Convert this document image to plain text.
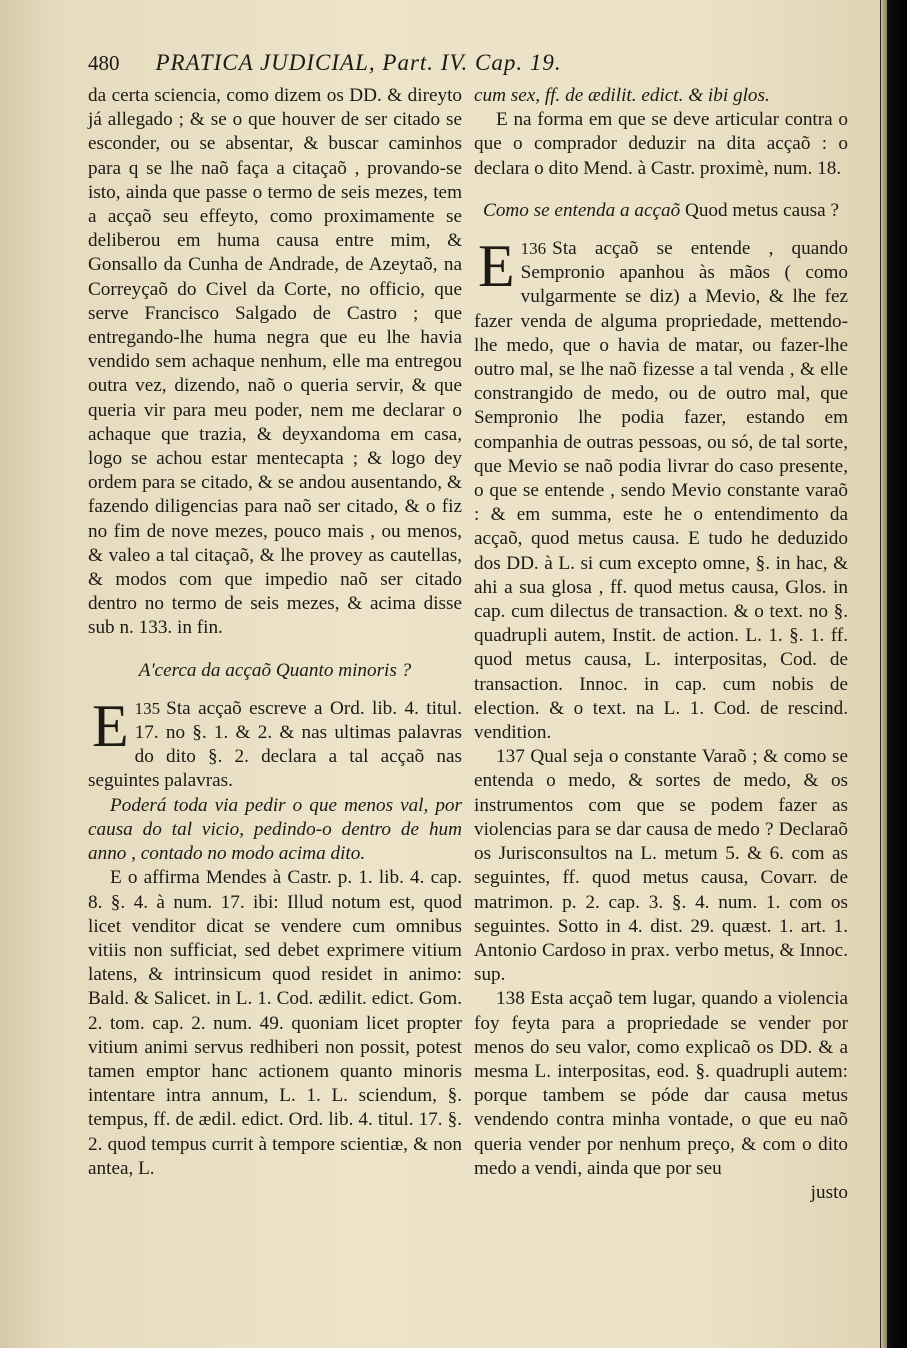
480 PRATICA JUDICIAL, Part. IV. Cap. 19.

da certa sciencia, como dizem os DD. & direyto já allegado ; & se o que houver de ser citado se esconder, ou se absentar, & buscar caminhos para q se lhe naõ faça a citaçaõ , provando-se isto, ainda que passe o termo de seis mezes, tem a acçaõ seu effeyto, como proximamente se deliberou em huma causa entre mim, & Gonsallo da Cunha de Andrade, de Azeytaõ, na Correyçaõ do Civel da Corte, no officio, que serve Francisco Salgado de Castro ; que entregando-lhe huma negra que eu lhe havia vendido sem achaque nenhum, elle ma entregou outra vez, dizendo, naõ o queria servir, & que queria vir para meu poder, nem me declarar o achaque que trazia, & deyxandoma em casa, logo se achou estar mentecapta ; & logo dey ordem para se citado, & se andou ausentando, & fazendo diligencias para naõ ser citado, & o fiz no fim de nove mezes, pouco mais , ou menos, & valeo a tal citaçaõ, & lhe provey as cautellas, & modos com que impedio naõ ser citado dentro no termo de seis mezes, & acima disse sub n. 133. in fin.

A'cerca da acçaõ Quanto minoris ?

135
E Sta acçaõ escreve a Ord. lib. 4. titul. 17. no §. 1. & 2. & nas ultimas palavras do dito §. 2. declara a tal acçaõ nas seguintes palavras.

Poderá toda via pedir o que menos val, por causa do tal vicio, pedindo-o dentro de hum anno , contado no modo acima dito.

E o affirma Mendes à Castr. p. 1. lib. 4. cap. 8. §. 4. à num. 17. ibi: Illud notum est, quod licet venditor dicat se vendere cum omnibus vitiis non sufficiat, sed debet exprimere vitium latens, & intrinsicum quod residet in animo: Bald. & Salicet. in L. 1. Cod. ædilit. edict. Gom. 2. tom. cap. 2. num. 49. quoniam licet propter vitium animi servus redhiberi non possit, potest tamen emptor hanc actionem quanto minoris intentare intra annum, L. 1. L. sciendum, §. tempus, ff. de ædil. edict. Ord. lib. 4. titul. 17. §. 2. quod tempus currit à tempore scientiæ, & non antea, L.

cum sex, ff. de ædilit. edict. & ibi glos.

E na forma em que se deve articular contra o que o comprador deduzir na dita acçaõ : o declara o dito Mend. à Castr. proximè, num. 18.

Como se entenda a acçaõ Quod metus causa ?

136
E Sta acçaõ se entende , quando Sempronio apanhou às mãos ( como vulgarmente se diz) a Mevio, & lhe fez fazer venda de alguma propriedade, mettendo-lhe medo, que o havia de matar, ou fazer-lhe outro mal, se lhe naõ fizesse a tal venda , & elle constrangido de medo, ou de outro mal, que Sempronio lhe podia fazer, estando em companhia de outras pessoas, ou só, de tal sorte, que Mevio se naõ podia livrar do caso presente, o que se entende , sendo Mevio constante varaõ : & em summa, este he o entendimento da acçaõ, quod metus causa. E tudo he deduzido dos DD. à L. si cum excepto omne, §. in hac, & ahi a sua glosa , ff. quod metus causa, Glos. in cap. cum dilectus de transaction. & o text. no §. quadrupli autem, Instit. de action. L. 1. §. 1. ff. quod metus causa, L. interpositas, Cod. de transaction. Innoc. in cap. cum nobis de election. & o text. na L. 1. Cod. de rescind. vendition.

137 Qual seja o constante Varaõ ; & como se entenda o medo, & sortes de medo, & os instrumentos com que se podem fazer as violencias para se dar causa de medo ? Declaraõ os Jurisconsultos na L. metum 5. & 6. com as seguintes, ff. quod metus causa, Covarr. de matrimon. p. 2. cap. 3. §. 4. num. 1. com os seguintes. Sotto in 4. dist. 29. quæst. 1. art. 1. Antonio Cardoso in prax. verbo metus, & Innoc. sup.

138 Esta acçaõ tem lugar, quando a violencia foy feyta para a propriedade se vender por menos do seu valor, como explicaõ os DD. & a mesma L. interpositas, eod. §. quadrupli autem: porque tambem se póde dar causa metus vendendo contra minha vontade, o que eu naõ queria vender por nenhum preço, & com o dito medo a vendi, ainda que por seu

justo
